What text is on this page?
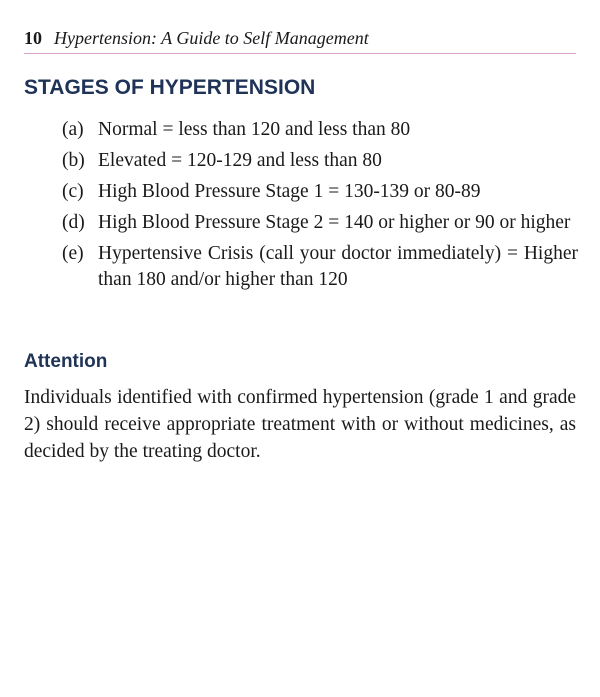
10 Hypertension: A Guide to Self Management
STAGES OF HYPERTENSION
(a) Normal = less than 120 and less than 80
(b) Elevated = 120-129 and less than 80
(c) High Blood Pressure Stage 1 = 130-139 or 80-89
(d) High Blood Pressure Stage 2 = 140 or higher or 90 or higher
(e) Hypertensive Crisis (call your doctor immediately) = Higher than 180 and/or higher than 120
Attention
Individuals identified with confirmed hypertension (grade 1 and grade 2) should receive appropriate treatment with or without medicines, as decided by the treating doctor.
